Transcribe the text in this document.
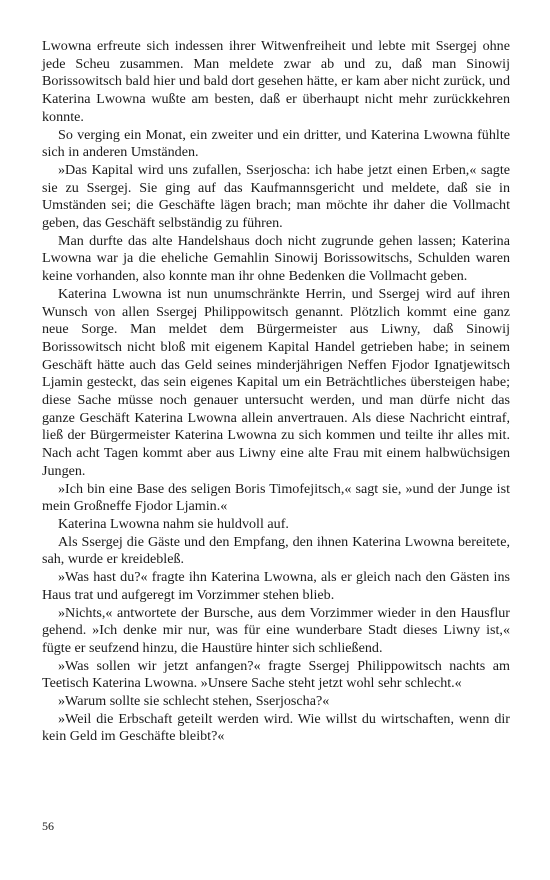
Lwowna erfreute sich indessen ihrer Witwenfreiheit und lebte mit Ssergej ohne jede Scheu zusammen. Man meldete zwar ab und zu, daß man Sinowij Borissowitsch bald hier und bald dort gesehen hätte, er kam aber nicht zurück, und Katerina Lwowna wußte am besten, daß er überhaupt nicht mehr zurückkehren konnte.

So verging ein Monat, ein zweiter und ein dritter, und Katerina Lwowna fühlte sich in anderen Umständen.

»Das Kapital wird uns zufallen, Sserjoscha: ich habe jetzt einen Erben,« sagte sie zu Ssergej. Sie ging auf das Kaufmannsgericht und meldete, daß sie in Umständen sei; die Geschäfte lägen brach; man möchte ihr daher die Vollmacht geben, das Geschäft selbständig zu führen.

Man durfte das alte Handelshaus doch nicht zugrunde gehen lassen; Katerina Lwowna war ja die eheliche Gemahlin Sinowij Borissowitschs, Schulden waren keine vorhanden, also konnte man ihr ohne Bedenken die Vollmacht geben.

Katerina Lwowna ist nun unumschränkte Herrin, und Ssergej wird auf ihren Wunsch von allen Ssergej Philippowitsch genannt. Plötzlich kommt eine ganz neue Sorge. Man meldet dem Bürgermeister aus Liwny, daß Sinowij Borissowitsch nicht bloß mit eigenem Kapital Handel getrieben habe; in seinem Geschäft hätte auch das Geld seines minderjährigen Neffen Fjodor Ignatjewitsch Ljamin gesteckt, das sein eigenes Kapital um ein Beträchtliches übersteigen habe; diese Sache müsse noch genauer untersucht werden, und man dürfe nicht das ganze Geschäft Katerina Lwowna allein anvertrauen. Als diese Nachricht eintraf, ließ der Bürgermeister Katerina Lwowna zu sich kommen und teilte ihr alles mit. Nach acht Tagen kommt aber aus Liwny eine alte Frau mit einem halbwüchsigen Jungen.

»Ich bin eine Base des seligen Boris Timofejitsch,« sagt sie, »und der Junge ist mein Großneffe Fjodor Ljamin.«

Katerina Lwowna nahm sie huldvoll auf.

Als Ssergej die Gäste und den Empfang, den ihnen Katerina Lwowna bereitete, sah, wurde er kreidebleß.

»Was hast du?« fragte ihn Katerina Lwowna, als er gleich nach den Gästen ins Haus trat und aufgeregt im Vorzimmer stehen blieb.

»Nichts,« antwortete der Bursche, aus dem Vorzimmer wieder in den Hausflur gehend. »Ich denke mir nur, was für eine wunderbare Stadt dieses Liwny ist,« fügte er seufzend hinzu, die Haustüre hinter sich schließend.

»Was sollen wir jetzt anfangen?« fragte Ssergej Philippowitsch nachts am Teetisch Katerina Lwowna. »Unsere Sache steht jetzt wohl sehr schlecht.«

»Warum sollte sie schlecht stehen, Sserjoscha?«

»Weil die Erbschaft geteilt werden wird. Wie willst du wirtschaften, wenn dir kein Geld im Geschäfte bleibt?«

56
